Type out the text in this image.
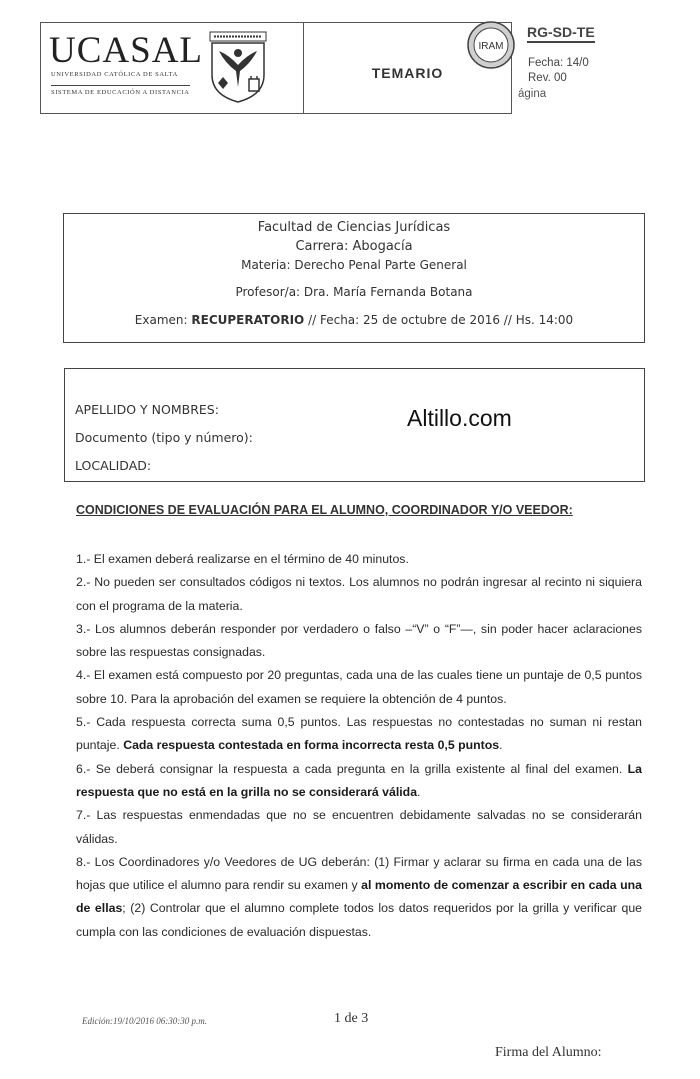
UCASAL
UNIVERSIDAD CATÓLICA DE SALTA
SISTEMA DE EDUCACIÓN A DISTANCIA
TEMARIO
IRAM
RG-SD-TE
Fecha: 14/0
Rev. 00
ágina
Facultad de Ciencias Jurídicas
Carrera: Abogacía
Materia: Derecho Penal Parte General
Profesor/a: Dra. María Fernanda Botana
Examen: RECUPERATORIO // Fecha: 25 de octubre de 2016 // Hs. 14:00
APELLIDO Y NOMBRES:
Documento (tipo y número):
LOCALIDAD:
Altillo.com
CONDICIONES DE EVALUACIÓN PARA EL ALUMNO, COORDINADOR Y/O VEEDOR:
1.- El examen deberá realizarse en el término de 40 minutos.
2.- No pueden ser consultados códigos ni textos. Los alumnos no podrán ingresar al recinto ni siquiera con el programa de la materia.
3.- Los alumnos deberán responder por verdadero o falso –“V” o “F”—, sin poder hacer aclaraciones sobre las respuestas consignadas.
4.- El examen está compuesto por 20 preguntas, cada una de las cuales tiene un puntaje de 0,5 puntos sobre 10. Para la aprobación del examen se requiere la obtención de 4 puntos.
5.- Cada respuesta correcta suma 0,5 puntos. Las respuestas no contestadas no suman ni restan puntaje. Cada respuesta contestada en forma incorrecta resta 0,5 puntos.
6.- Se deberá consignar la respuesta a cada pregunta en la grilla existente al final del examen. La respuesta que no está en la grilla no se considerará válida.
7.- Las respuestas enmendadas que no se encuentren debidamente salvadas no se considerarán válidas.
8.- Los Coordinadores y/o Veedores de UG deberán: (1) Firmar y aclarar su firma en cada una de las hojas que utilice el alumno para rendir su examen y al momento de comenzar a escribir en cada una de ellas; (2) Controlar que el alumno complete todos los datos requeridos por la grilla y verificar que cumpla con las condiciones de evaluación dispuestas.
Edición:19/10/2016 06:30:30 p.m.	1 de 3
Firma del Alumno:
